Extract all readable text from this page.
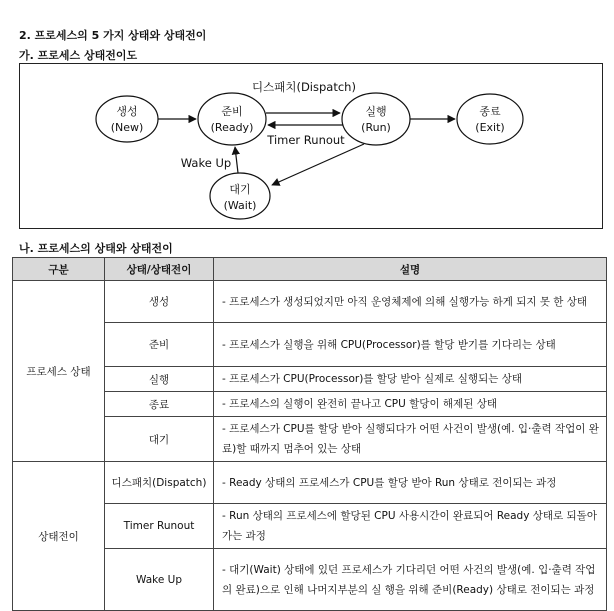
2. 프로세스의 5 가지 상태와 상태전이
가. 프로세스 상태전이도
생성
(New)
준비
(Ready)
실행
(Run)
종료
(Exit)
대기
(Wait)
디스패치(Dispatch)
Timer Runout
Wake Up
나. 프로세스의 상태와 상태전이
구분	상태/상태전이	설명
프로세스 상태	생성	- 프로세스가 생성되었지만 아직 운영체제에 의해 실행가능 하게 되지 못 한 상태
	준비	- 프로세스가 실행을 위해 CPU(Processor)를 할당 받기를 기다리는 상태
	실행	- 프로세스가 CPU(Processor)를 할당 받아 실제로 실행되는 상태
	종료	- 프로세스의 실행이 완전히 끝나고 CPU 할당이 해제된 상태
	대기	- 프로세스가 CPU를 할당 받아 실행되다가 어떤 사건이 발생(예. 입·출력 작업이 완료)할 때까지 멈추어 있는 상태
상태전이	디스패치(Dispatch)	- Ready 상태의 프로세스가 CPU를 할당 받아 Run 상태로 전이되는 과정
	Timer Runout	- Run 상태의 프로세스에 할당된 CPU 사용시간이 완료되어 Ready 상태로 되돌아가는 과정
	Wake Up	- 대기(Wait) 상태에 있던 프로세스가 기다리던 어떤 사건의 발생(예. 입·출력 작업의 완료)으로 인해 나머지부분의 실 행을 위해 준비(Ready) 상태로 전이되는 과정
